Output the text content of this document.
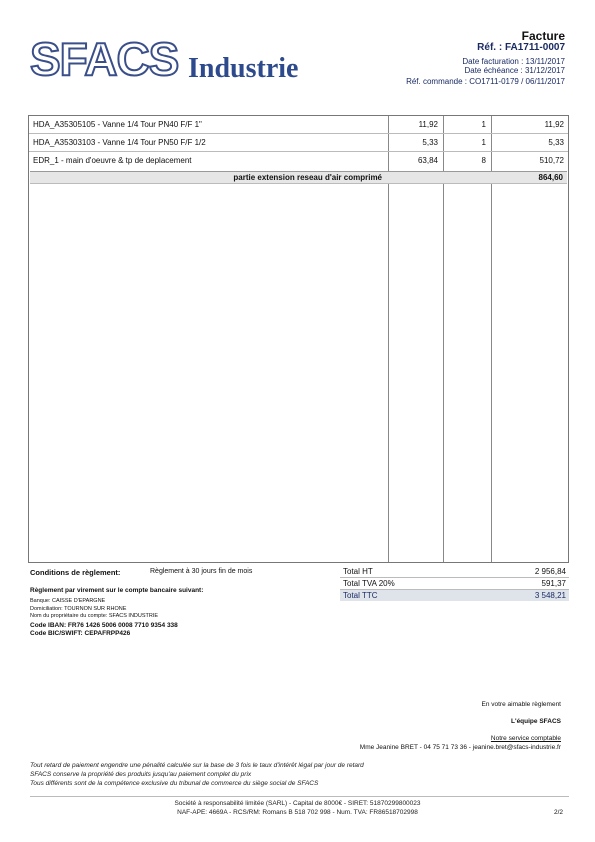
SFACS Industrie
Facture
Réf. : FA1711-0007
Date facturation : 13/11/2017
Date échéance : 31/12/2017
Réf. commande : CO1711-0179 / 06/11/2017
HDA_A35305105 - Vanne 1/4 Tour PN40 F/F 1"	11,92	1	11,92
HDA_A35303103 - Vanne 1/4 Tour PN50 F/F 1/2	5,33	1	5,33
EDR_1 - main d'oeuvre & tp de deplacement	63,84	8	510,72
partie extension reseau d'air comprimé	864,60
Conditions de règlement:	Règlement à 30 jours fin de mois
Règlement par virement sur le compte bancaire suivant:
Banque: CAISSE D'EPARGNE
Domiciliation: TOURNON SUR RHONE
Nom du propriétaire du compte: SFACS INDUSTRIE
Code IBAN: FR76 1426 5006 0008 7710 9354 338
Code BIC/SWIFT: CEPAFRPP426
Total HT	2 956,84
Total TVA 20%	591,37
Total TTC	3 548,21
En votre aimable règlement
L'équipe SFACS
Notre service comptable
Mme Jeanine BRET - 04 75 71 73 36 - jeanine.bret@sfacs-industrie.fr
Tout retard de paiement engendre une pénalité calculée sur la base de 3 fois le taux d'intérêt légal par jour de retard
SFACS conserve la propriété des produits jusqu'au paiement complet du prix
Tous différents sont de la compétence exclusive du tribunal de commerce du siège social de SFACS
Société à responsabilité limitée (SARL) - Capital de 8000€ - SIRET: 51870299800023
NAF-APE: 4669A - RCS/RM: Romans B 518 702 998 - Num. TVA: FR86518702998	2/2
